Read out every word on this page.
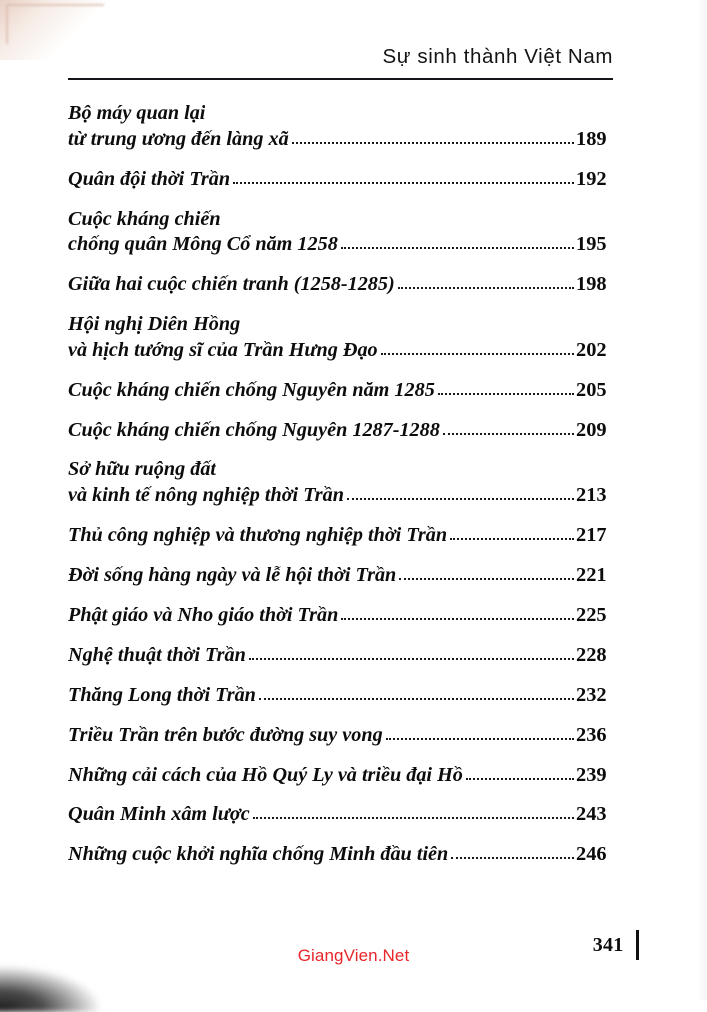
Sự sinh thành Việt Nam
Bộ máy quan lại
từ trung ương đến làng xã	189
Quân đội thời Trần	192
Cuộc kháng chiến
chống quân Mông Cổ năm 1258	195
Giữa hai cuộc chiến tranh (1258-1285)	198
Hội nghị Diên Hồng
và hịch tướng sĩ của Trần Hưng Đạo	202
Cuộc kháng chiến chống Nguyên năm 1285	205
Cuộc kháng chiến chống Nguyên 1287-1288	209
Sở hữu ruộng đất
và kinh tế nông nghiệp thời Trần	213
Thủ công nghiệp và thương nghiệp thời Trần	217
Đời sống hàng ngày và lễ hội thời Trần	221
Phật giáo và Nho giáo thời Trần	225
Nghệ thuật thời Trần	228
Thăng Long thời Trần	232
Triều Trần trên bước đường suy vong	236
Những cải cách của Hồ Quý Ly và triều đại Hồ	239
Quân Minh xâm lược	243
Những cuộc khởi nghĩa chống Minh đầu tiên	246
GiangVien.Net	341
